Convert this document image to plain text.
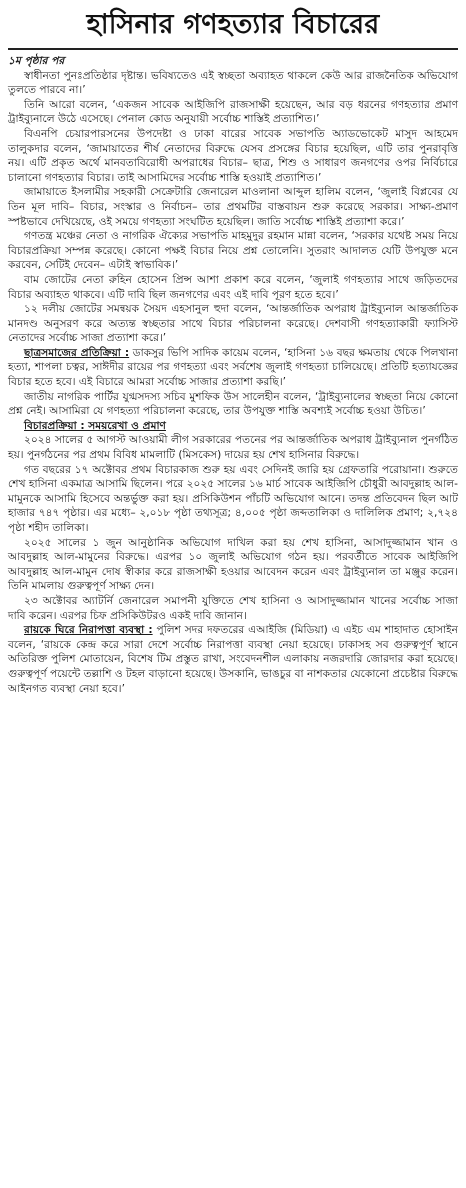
হাসিনার গণহত্যার বিচারের

১ম পৃষ্ঠার পর

স্বাধীনতা পুনঃপ্রতিষ্ঠার দৃষ্টান্ত। ভবিষ্যতেও এই স্বচ্ছতা অব্যাহত থাকলে কেউ আর রাজনৈতিক অভিযোগ তুলতে পারবে না।’

তিনি আরো বলেন, ‘একজন সাবেক আইজিপি রাজসাক্ষী হয়েছেন, আর বড় ধরনের গণহত্যার প্রমাণ ট্রাইব্যুনালে উঠে এসেছে। পেনাল কোড অনুযায়ী সর্বোচ্চ শাস্তিই প্রত্যাশিত।’

বিএনপি চেয়ারপারসনের উপদেষ্টা ও ঢাকা বারের সাবেক সভাপতি অ্যাডভোকেট মাসুদ আহমেদ তালুকদার বলেন, ‘জামায়াতের শীর্ষ নেতাদের বিরুদ্ধে যেসব প্রসঙ্গের বিচার হয়েছিল, এটি তার পুনরাবৃত্তি নয়। এটি প্রকৃত অর্থে মানবতাবিরোধী অপরাধের বিচার– ছাত্র, শিশু ও সাধারণ জনগণের ওপর নির্বিচারে চালানো গণহত্যার বিচার। তাই আসামিদের সর্বোচ্চ শাস্তি হওয়াই প্রত্যাশিত।’

জামায়াতে ইসলামীর সহকারী সেক্রেটারি জেনারেল মাওলানা আব্দুল হালিম বলেন, ‘জুলাই বিপ্লবের যে তিন মূল দাবি– বিচার, সংস্কার ও নির্বাচন– তার প্রথমটির বাস্তবায়ন শুরু করেছে সরকার। সাক্ষ্য-প্রমাণ স্পষ্টভাবে দেখিয়েছে, ওই সময়ে গণহত্যা সংঘটিত হয়েছিল। জাতি সর্বোচ্চ শাস্তিই প্রত্যাশা করে।’

গণতন্ত্র মঞ্চের নেতা ও নাগরিক ঐক্যের সভাপতি মাহমুদুর রহমান মান্না বলেন, ‘সরকার যথেষ্ট সময় নিয়ে বিচারপ্রক্রিয়া সম্পন্ন করেছে। কোনো পক্ষই বিচার নিয়ে প্রশ্ন তোলেনি। সুতরাং আদালত যেটি উপযুক্ত মনে করবেন, সেটিই দেবেন– এটাই স্বাভাবিক।’

বাম জোটের নেতা রুহিন হোসেন প্রিন্স আশা প্রকাশ করে বলেন, ‘জুলাই গণহত্যার সাথে জড়িতদের বিচার অব্যাহত থাকবে। এটি দাবি ছিল জনগণের এবং এই দাবি পূরণ হতে হবে।’

১২ দলীয় জোটের সমন্বয়ক সৈয়দ এহসানুল হুদা বলেন, ‘আন্তর্জাতিক অপরাধ ট্রাইব্যুনাল আন্তর্জাতিক মানদণ্ড অনুসরণ করে অত্যন্ত স্বচ্ছতার সাথে বিচার পরিচালনা করেছে। দেশবাসী গণহত্যাকারী ফ্যাসিস্ট নেতাদের সর্বোচ্চ সাজা প্রত্যাশা করে।’

ছাত্রসমাজের প্রতিক্রিয়া : ডাকসুর ভিপি সাদিক কায়েম বলেন, ‘হাসিনা ১৬ বছর ক্ষমতায় থেকে পিলখানা হত্যা, শাপলা চত্বর, সাঈদীর রায়ের পর গণহত্যা এবং সর্বশেষ জুলাই গণহত্যা চালিয়েছে। প্রতিটি হত্যাযজ্ঞের বিচার হতে হবে। এই বিচারে আমরা সর্বোচ্চ সাজার প্রত্যাশা করছি।’

জাতীয় নাগরিক পার্টির যুগ্মসদস্য সচিব মুশফিক উস সালেহীন বলেন, ‘ট্রাইব্যুনালের স্বচ্ছতা নিয়ে কোনো প্রশ্ন নেই। আসামিরা যে গণহত্যা পরিচালনা করেছে, তার উপযুক্ত শাস্তি অবশ্যই সর্বোচ্চ হওয়া উচিত।’

বিচারপ্রক্রিয়া : সময়রেখা ও প্রমাণ

২০২৪ সালের ৫ আগস্ট আওয়ামী লীগ সরকারের পতনের পর আন্তর্জাতিক অপরাধ ট্রাইব্যুনাল পুনর্গঠিত হয়। পুনর্গঠনের পর প্রথম বিবিধ মামলাটি (মিসকেস) দায়ের হয় শেখ হাসিনার বিরুদ্ধে।

গত বছরের ১৭ অক্টোবর প্রথম বিচারকাজ শুরু হয় এবং সেদিনই জারি হয় গ্রেফতারি পরোয়ানা। শুরুতে শেখ হাসিনা একমাত্র আসামি ছিলেন। পরে ২০২৫ সালের ১৬ মার্চ সাবেক আইজিপি চৌধুরী আবদুল্লাহ আল-মামুনকে আসামি হিসেবে অন্তর্ভুক্ত করা হয়। প্রসিকিউশন পাঁচটি অভিযোগ আনে। তদন্ত প্রতিবেদন ছিল আট হাজার ৭৪৭ পৃষ্ঠার। এর মধ্যে– ২,০১৮ পৃষ্ঠা তথ্যসূত্র; ৪,০০৫ পৃষ্ঠা জব্দতালিকা ও দালিলিক প্রমাণ; ২,৭২৪ পৃষ্ঠা শহীদ তালিকা।

২০২৫ সালের ১ জুন আনুষ্ঠানিক অভিযোগ দাখিল করা হয় শেখ হাসিনা, আসাদুজ্জামান খান ও আবদুল্লাহ আল-মামুনের বিরুদ্ধে। এরপর ১০ জুলাই অভিযোগ গঠন হয়। পরবর্তীতে সাবেক আইজিপি আবদুল্লাহ আল-মামুন দোষ স্বীকার করে রাজসাক্ষী হওয়ার আবেদন করেন এবং ট্রাইব্যুনাল তা মঞ্জুর করেন। তিনি মামলায় গুরুত্বপূর্ণ সাক্ষ্য দেন।

২৩ অক্টোবর অ্যাটর্নি জেনারেল সমাপনী যুক্তিতে শেখ হাসিনা ও আসাদুজ্জামান খানের সর্বোচ্চ সাজা দাবি করেন। এরপর চিফ প্রসিকিউটরও একই দাবি জানান।

রায়কে ঘিরে নিরাপত্তা ব্যবস্থা : পুলিশ সদর দফতরের এআইজি (মিডিয়া) এ এইচ এম শাহাদাত হোসাইন বলেন, ‘রায়কে কেন্দ্র করে সারা দেশে সর্বোচ্চ নিরাপত্তা ব্যবস্থা নেয়া হয়েছে। ঢাকাসহ সব গুরুত্বপূর্ণ স্থানে অতিরিক্ত পুলিশ মোতায়েন, বিশেষ টিম প্রস্তুত রাখা, সংবেদনশীল এলাকায় নজরদারি জোরদার করা হয়েছে। গুরুত্বপূর্ণ পয়েন্টে তল্লাশি ও টহল বাড়ানো হয়েছে। উসকানি, ভাঙচুর বা নাশকতার যেকোনো প্রচেষ্টার বিরুদ্ধে আইনগত ব্যবস্থা নেয়া হবে।’
